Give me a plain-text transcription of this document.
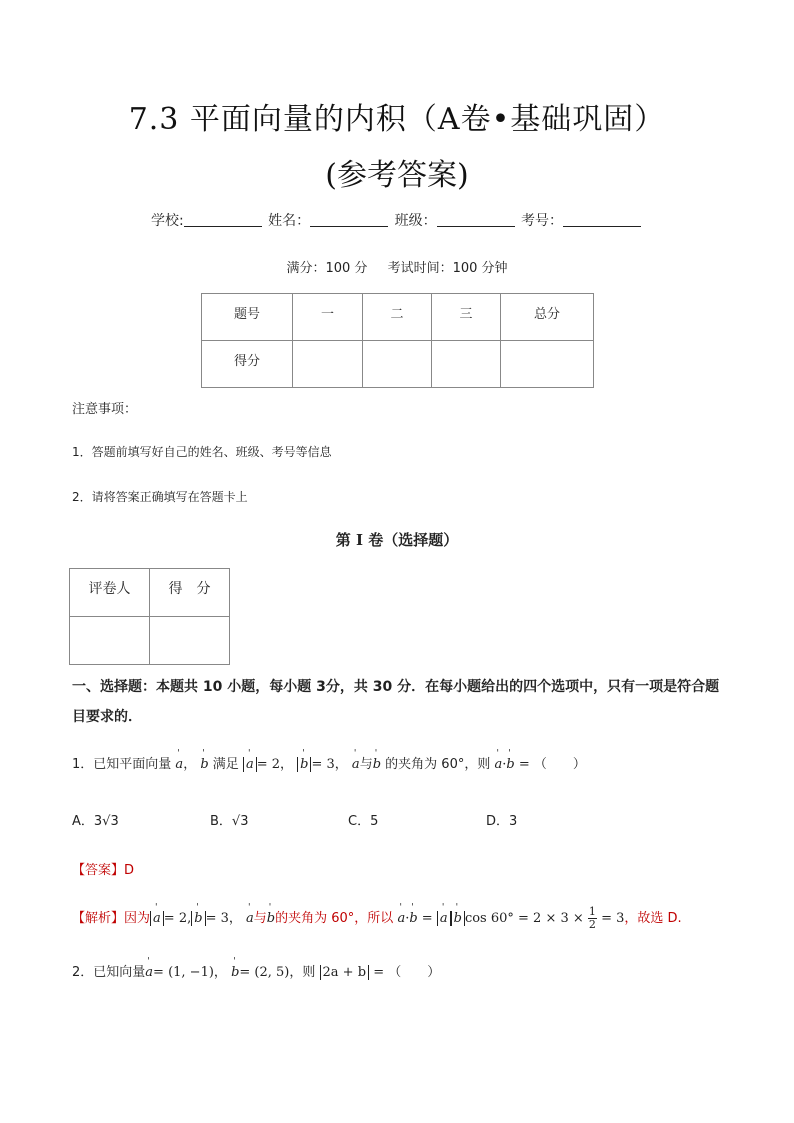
7.3 平面向量的内积（A卷•基础巩固）
(参考答案)
学校:	姓名：	班级：	考号：
满分：100 分 考试时间：100 分钟
题号	一	二	三	总分
得分				
注意事项：
1．答题前填写好自己的姓名、班级、考号等信息
2．请将答案正确填写在答题卡上
第 I 卷（选择题）
评卷人	得　分

一、选择题：本题共 10 小题，每小题 3分，共 30 分．在每小题给出的四个选项中，只有一项是符合题目要求的．
1．已知平面向量 ' a， ' b 满足 ' a = 2， ' b = 3， ' a与' b 的夹角为 60°，则 ' a·' b = （　　）
A．3√3	B．√3	C．5	D．3
【答案】D
【解析】因为 ' a = 2, ' b = 3， ' a与' b的夹角为 60°，所以 ' a·' b = ' a ' b $\cos 60^\circ = 2 \times 3 \times \frac{1}{2} = 3$，故选 D.
2．已知向量' a= (1, −1)， ' b= (2, 5)，则 2a + b = （　　）
